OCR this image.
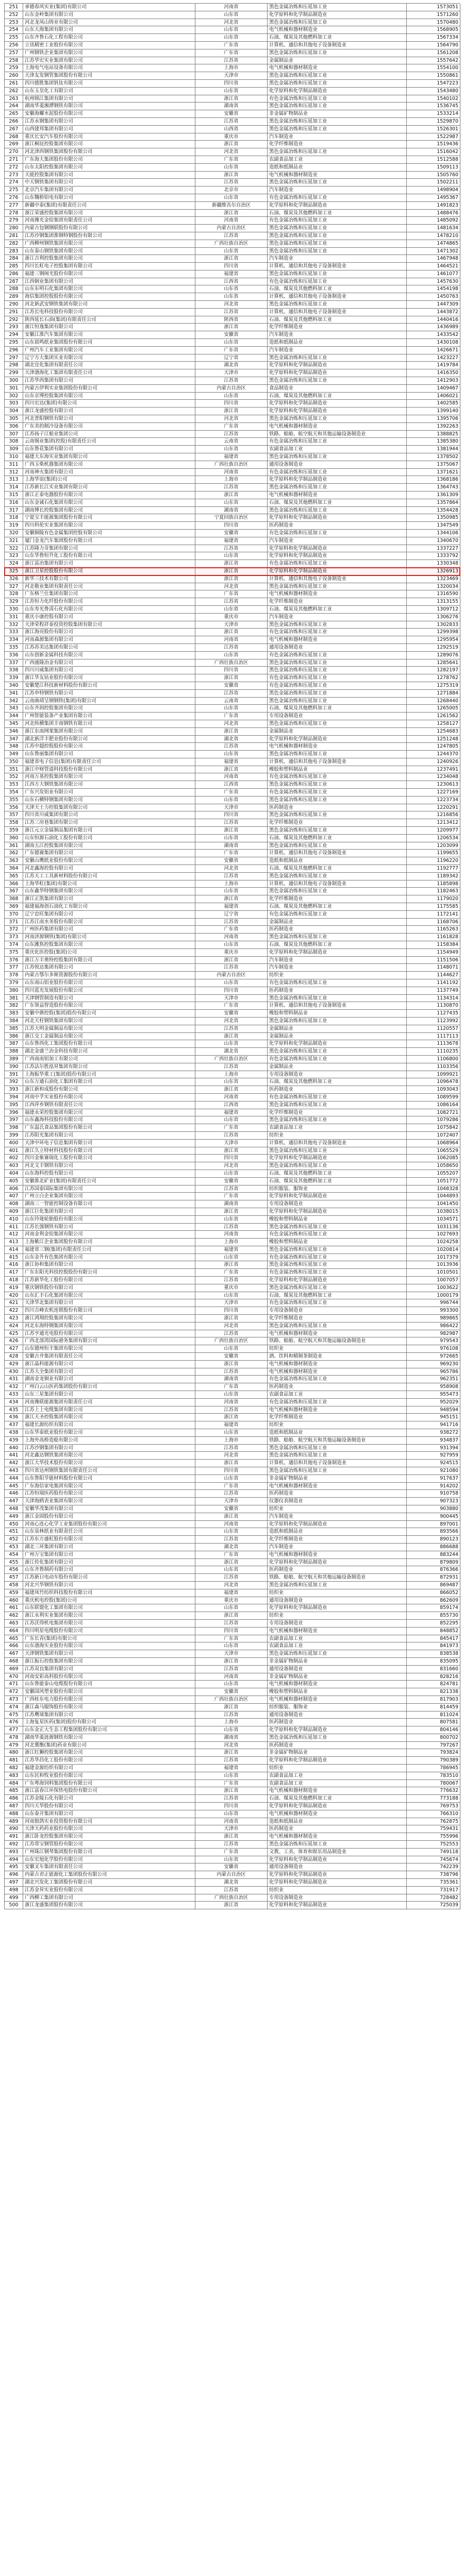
251	承德春风实业(集团)有限公司	河南省	黑色金属冶炼和压延加工业	1573051
252	山东金岭集团有限公司	山东省	化学原料和化学制品制造业	1571260
253	河北龙凤山铸业有限公司	河北省	黑色金属冶炼和压延加工业	1570480
254	山东大海集团有限公司	山东省	电气机械和器材制造业	1568905
255	山东齐鲁石化工程有限公司	山东省	石油、煤炭及其他燃料加工业	1567334
256	立讯精密工业股份有限公司	广东省	计算机、通信和其他电子设备制造业	1564790
257	广州钢铁企业集团有限公司	广东省	黑色金属冶炼和压延加工业	1561208
258	江苏华宏实业集团有限公司	江苏省	金属制品业	1557642
259	上海电气电站设备有限公司	上海市	电气机械和器材制造业	1554100
260	天津友发钢管集团股份有限公司	天津市	黑色金属冶炼和压延加工业	1550861
261	四川德胜集团钒钛有限公司	四川省	黑色金属冶炼和压延加工业	1547223
262	山东玉皇化工有限公司	山东省	化学原料和化学制品制造业	1543480
263	杭州锦江集团有限公司	浙江省	有色金属冶炼和压延加工业	1540102
264	湖南华菱湘潭钢铁有限公司	湖南省	黑色金属冶炼和压延加工业	1536745
265	安徽海螺水泥股份有限公司	安徽省	非金属矿物制品业	1533214
266	江苏永钢集团有限公司	江苏省	黑色金属冶炼和压延加工业	1529870
267	山西建邦集团有限公司	山西省	黑色金属冶炼和压延加工业	1526301
268	重庆长安汽车股份有限公司	重庆市	汽车制造业	1522987
269	浙江桐昆控股集团有限公司	浙江省	化学纤维制造业	1519436
270	河北津西钢铁集团股份有限公司	河北省	黑色金属冶炼和压延加工业	1516042
271	广东海大集团股份有限公司	广东省	农副食品加工业	1512588
272	山东太阳控股集团有限公司	山东省	造纸和纸制品业	1509113
273	天能控股集团有限公司	浙江省	电气机械和器材制造业	1505760
274	中天钢铁集团有限公司	江苏省	黑色金属冶炼和压延加工业	1502211
275	北京汽车集团有限公司	北京市	汽车制造业	1498904
276	山东魏桥铝电有限公司	山东省	有色金属冶炼和压延加工业	1495367
277	新疆中泰(集团)有限责任公司	新疆维吾尔自治区	化学原料和化学制品制造业	1491823
278	浙江荣盛控股集团有限公司	浙江省	石油、煤炭及其他燃料加工业	1488476
279	河南豫光金铅集团有限责任公司	河南省	有色金属冶炼和压延加工业	1485092
280	内蒙古包钢钢联股份有限公司	内蒙古自治区	黑色金属冶炼和压延加工业	1481634
281	江苏沙钢集团淮钢特钢股份有限公司	江苏省	黑色金属冶炼和压延加工业	1478210
282	广西柳州钢铁集团有限公司	广西壮族自治区	黑色金属冶炼和压延加工业	1474865
283	山东泰山钢铁集团有限公司	山东省	黑色金属冶炼和压延加工业	1471302
284	浙江吉利控股集团有限公司	浙江省	汽车制造业	1467948
285	四川长虹电子控股集团有限公司	四川省	计算机、通信和其他电子设备制造业	1464521
286	福建三钢闽光股份有限公司	福建省	黑色金属冶炼和压延加工业	1461077
287	江西铜业集团有限公司	江西省	有色金属冶炼和压延加工业	1457630
288	山东东明石化集团有限公司	山东省	石油、煤炭及其他燃料加工业	1454198
289	海信集团控股股份有限公司	山东省	计算机、通信和其他电子设备制造业	1450763
290	河北新武安钢铁集团有限公司	河北省	黑色金属冶炼和压延加工业	1447309
291	江苏长电科技股份有限公司	江苏省	计算机、通信和其他电子设备制造业	1443872
292	陕西延长石油(集团)有限责任公司	陕西省	石油、煤炭及其他燃料加工业	1440416
293	浙江恒逸集团有限公司	浙江省	化学纤维制造业	1436989
294	安徽江淮汽车集团有限公司	安徽省	汽车制造业	1433542
295	山东晨鸣纸业集团股份有限公司	山东省	造纸和纸制品业	1430108
296	广州汽车工业集团有限公司	广东省	汽车制造业	1426671
297	辽宁方大集团实业有限公司	辽宁省	黑色金属冶炼和压延加工业	1423227
298	湖北宜化集团有限责任公司	湖北省	化学原料和化学制品制造业	1419784
299	天津渤海化工集团有限责任公司	天津市	化学原料和化学制品制造业	1416350
300	江苏华西集团有限公司	江苏省	黑色金属冶炼和压延加工业	1412903
301	内蒙古伊利实业集团股份有限公司	内蒙古自治区	食品制造业	1409467
302	山东京博控股集团有限公司	山东省	石油、煤炭及其他燃料加工业	1406021
303	四川宏达(集团)有限公司	四川省	化学原料和化学制品制造业	1402585
304	浙江龙盛控股有限公司	浙江省	化学原料和化学制品制造业	1399140
305	河北普阳钢铁有限公司	河北省	黑色金属冶炼和压延加工业	1395706
306	广东美的制冷设备有限公司	广东省	电气机械和器材制造业	1392263
307	江苏扬子江船业集团公司	江苏省	铁路、船舶、航空航天和其他运输设备制造业	1388825
308	云南锡业集团(控股)有限责任公司	云南省	有色金属冶炼和压延加工业	1385380
309	山东鲁花集团有限公司	山东省	农副食品加工业	1381944
310	福建大东海实业集团有限公司	福建省	黑色金属冶炼和压延加工业	1378502
311	广西玉柴机器集团有限公司	广西壮族自治区	通用设备制造业	1375067
312	河南神火集团有限公司	河南省	有色金属冶炼和压延加工业	1371621
313	上海华谊(集团)公司	上海市	化学原料和化学制品制造业	1368186
314	江苏新长江实业集团有限公司	江苏省	黑色金属冶炼和压延加工业	1364743
315	浙江正泰电器股份有限公司	浙江省	电气机械和器材制造业	1361309
316	山东金诚石化集团有限公司	山东省	石油、煤炭及其他燃料加工业	1357864
317	湖南博长控股集团有限公司	湖南省	黑色金属冶炼和压延加工业	1354428
318	宁夏宝丰能源集团股份有限公司	宁夏回族自治区	化学原料和化学制品制造业	1350985
319	四川科伦实业集团有限公司	四川省	医药制造业	1347549
320	安徽铜陵有色金属集团控股有限公司	安徽省	有色金属冶炼和压延加工业	1344106
321	厦门金龙汽车集团股份有限公司	福建省	汽车制造业	1340670
322	江苏隆力奇集团有限公司	江苏省	化学原料和化学制品制造业	1337227
323	山东华鲁恒升化工股份有限公司	山东省	化学原料和化学制品制造业	1333792
324	浙江富冶集团有限公司	浙江省	有色金属冶炼和压延加工业	1330348
325	浙江卫星控股股份有限公司	浙江省	化学原料和化学制品制造业	1326913
326	新华三技术有限公司	浙江省	计算机、通信和其他电子设备制造业	1323469
327	河北敬业集团有限责任公司	河北省	黑色金属冶炼和压延加工业	1320034
328	广东格兰仕集团有限公司	广东省	电气机械和器材制造业	1316590
329	江苏恒力化纤股份有限公司	江苏省	化学纤维制造业	1313155
330	山东寿光鲁清石化有限公司	山东省	石油、煤炭及其他燃料加工业	1309712
331	重庆小康控股有限公司	重庆市	汽车制造业	1306276
332	天津荣程祥泰投资控股集团有限公司	天津市	黑色金属冶炼和压延加工业	1302833
333	浙江海亮股份有限公司	浙江省	有色金属冶炼和压延加工业	1299398
334	河南森源集团有限公司	河南省	电气机械和器材制造业	1295954
335	江苏苏美达集团有限公司	江苏省	通用设备制造业	1292519
336	山东创新金属科技有限公司	山东省	有色金属冶炼和压延加工业	1289076
337	广西盛隆冶金有限公司	广西壮族自治区	黑色金属冶炼和压延加工业	1285641
338	四川川威集团有限公司	四川省	黑色金属冶炼和压延加工业	1282197
339	浙江华友钴业股份有限公司	浙江省	有色金属冶炼和压延加工业	1278762
340	安徽楚江科技新材料股份有限公司	安徽省	有色金属冶炼和压延加工业	1275319
341	江苏申特钢铁有限公司	江苏省	黑色金属冶炼和压延加工业	1271884
342	云南曲靖呈钢钢铁(集团)有限公司	云南省	黑色金属冶炼和压延加工业	1268440
343	山东齐润控股集团有限公司	山东省	石油、煤炭及其他燃料加工业	1265005
344	广州智能装备产业集团有限公司	广东省	专用设备制造业	1261562
345	河北纵横集团丰南钢铁有限公司	河北省	黑色金属冶炼和压延加工业	1258127
346	浙江东南网架集团有限公司	浙江省	金属制品业	1254683
347	湖北新洋丰肥业股份有限公司	湖北省	化学原料和化学制品制造业	1251248
348	江苏中超控股股份有限公司	江苏省	电气机械和器材制造业	1247805
349	山东鲁丽集团有限公司	山东省	黑色金属冶炼和压延加工业	1244370
350	福建省电子信息(集团)有限责任公司	福建省	计算机、通信和其他电子设备制造业	1240926
351	浙江中财管道科技股份有限公司	浙江省	橡胶和塑料制品业	1237491
352	河南万基控股集团有限公司	河南省	有色金属冶炼和压延加工业	1234048
353	江西方大钢铁集团有限公司	江西省	黑色金属冶炼和压延加工业	1230613
354	广东兴发铝业有限公司	广东省	有色金属冶炼和压延加工业	1227169
355	山东石横特钢集团有限公司	山东省	黑色金属冶炼和压延加工业	1223734
356	天津天士力控股集团有限公司	天津市	医药制造业	1220291
357	四川省川威集团有限公司	四川省	黑色金属冶炼和压延加工业	1216856
358	江苏三房巷集团有限公司	江苏省	化学纤维制造业	1213412
359	浙江元立金属制品集团有限公司	浙江省	黑色金属冶炼和压延加工业	1209977
360	山东恒源石油化工股份有限公司	山东省	石油、煤炭及其他燃料加工业	1206534
361	湖南五江控股集团有限公司	湖南省	黑色金属冶炼和压延加工业	1203099
362	广东德赛集团有限公司	广东省	计算机、通信和其他电子设备制造业	1199655
363	安徽山鹰纸业股份有限公司	安徽省	造纸和纸制品业	1196220
364	河北鑫海控股有限公司	河北省	石油、煤炭及其他燃料加工业	1192777
365	江苏天工工具新材料股份有限公司	江苏省	黑色金属冶炼和压延加工业	1189342
366	上海华虹(集团)有限公司	上海市	计算机、通信和其他电子设备制造业	1185898
367	山东鑫华特钢集团有限公司	山东省	黑色金属冶炼和压延加工业	1182463
368	浙江正凯集团有限公司	浙江省	化学纤维制造业	1179020
369	福建福海创石油化工有限公司	福建省	石油、煤炭及其他燃料加工业	1175585
370	辽宁忠旺集团有限公司	辽宁省	有色金属冶炼和压延加工业	1172141
371	江苏江南水务股份有限公司	江苏省	金属制品业	1168706
372	广州医药集团有限公司	广东省	医药制造业	1165263
373	河南济源钢铁(集团)有限公司	河南省	黑色金属冶炼和压延加工业	1161828
374	山东潍焦控股集团有限公司	山东省	石油、煤炭及其他燃料加工业	1158384
375	重庆化医控股(集团)公司	重庆市	化学原料和化学制品制造业	1154949
376	浙江万丰奥特控股集团有限公司	浙江省	汽车制造业	1151506
377	江苏悦达集团有限公司	江苏省	汽车制造业	1148071
378	内蒙古鄂尔多斯资源股份有限公司	内蒙古自治区	纺织业	1144627
379	山东南山铝业股份有限公司	山东省	有色金属冶炼和压延加工业	1141192
380	四川蓝光发展股份有限公司	四川省	医药制造业	1137749
381	天津钢管制造有限公司	天津市	黑色金属冶炼和压延加工业	1134314
382	广东领益智造股份有限公司	广东省	计算机、通信和其他电子设备制造业	1130870
383	安徽中鼎控股(集团)股份有限公司	安徽省	橡胶和塑料制品业	1127435
384	河北天柱钢铁集团有限公司	河北省	黑色金属冶炼和压延加工业	1123992
385	江苏大明金属制品有限公司	江苏省	金属制品业	1120557
386	浙江交工金属制品有限公司	浙江省	金属制品业	1117113
387	山东鲁西化工集团股份有限公司	山东省	化学原料和化学制品制造业	1113678
388	湖北金盛兰冶金科技有限公司	湖北省	黑色金属冶炼和压延加工业	1110235
389	广西南南铝加工有限公司	广西壮族自治区	有色金属冶炼和压延加工业	1106800
390	江苏法尔胜泓昇集团有限公司	江苏省	金属制品业	1103356
391	上海振华重工(集团)股份有限公司	上海市	专用设备制造业	1099921
392	山东万通石油化工集团有限公司	山东省	石油、煤炭及其他燃料加工业	1096478
393	浙江新和成股份有限公司	浙江省	医药制造业	1093043
394	河南中孚实业股份有限公司	河南省	有色金属冶炼和压延加工业	1089599
395	江西萍乡钢铁有限责任公司	江西省	黑色金属冶炼和压延加工业	1086164
396	福建永荣控股集团有限公司	福建省	化学纤维制造业	1082721
397	山东鑫海科技股份有限公司	山东省	黑色金属冶炼和压延加工业	1079286
398	广东温氏食品集团股份有限公司	广东省	农副食品加工业	1075842
399	江苏阳光集团有限公司	江苏省	纺织业	1072407
400	天津中环电子信息集团有限公司	天津市	计算机、通信和其他电子设备制造业	1068964
401	浙江久立特材科技股份有限公司	浙江省	黑色金属冶炼和压延加工业	1065529
402	四川金象赛瑞化工股份有限公司	四川省	化学原料和化学制品制造业	1062085
403	河北文丰钢铁有限公司	河北省	黑色金属冶炼和压延加工业	1058650
404	山东海科控股有限公司	山东省	石油、煤炭及其他燃料加工业	1055207
405	安徽淮北矿业(集团)有限责任公司	安徽省	石油、煤炭及其他燃料加工业	1051772
406	江苏国泰国际集团有限公司	江苏省	纺织服装、服饰业	1048328
407	广州立白企业集团有限公司	广东省	化学原料和化学制品制造业	1044893
408	湖南三一智能控制设备有限公司	湖南省	专用设备制造业	1041450
409	浙江巨化集团有限公司	浙江省	化学原料和化学制品制造业	1038015
410	山东玲珑轮胎股份有限公司	山东省	橡胶和塑料制品业	1034571
411	江苏长强钢铁有限公司	江苏省	黑色金属冶炼和压延加工业	1031136
412	河南金利金铅集团有限公司	河南省	有色金属冶炼和压延加工业	1027693
413	上海紫江企业集团股份有限公司	上海市	橡胶和塑料制品业	1024258
414	福建省三钢(集团)有限责任公司	福建省	黑色金属冶炼和压延加工业	1020814
415	山东金升有色集团有限公司	山东省	有色金属冶炼和压延加工业	1017379
416	浙江协和集团有限公司	浙江省	黑色金属冶炼和压延加工业	1013936
417	广东东阳光科技控股股份有限公司	广东省	有色金属冶炼和压延加工业	1010501
418	江苏新华化工股份有限公司	江苏省	化学原料和化学制品制造业	1007057
419	重庆钢铁股份有限公司	重庆市	黑色金属冶炼和压延加工业	1003622
420	山东汇丰石化集团有限公司	山东省	石油、煤炭及其他燃料加工业	1000179
421	天津华北集团有限公司	天津市	有色金属冶炼和压延加工业	996744
422	四川吉峰农机连锁股份有限公司	四川省	专用设备制造业	993300
423	浙江鸿翔控股集团有限公司	浙江省	化学纤维制造业	989865
424	河北东海特钢集团有限公司	河北省	黑色金属冶炼和压延加工业	986422
425	江苏亨通光电股份有限公司	江苏省	电气机械和器材制造业	982987
426	广西北部湾国际港务集团有限公司	广西壮族自治区	铁路、船舶、航空航天和其他运输设备制造业	979543
427	山东德州恒丰集团有限公司	山东省	纺织业	976108
428	安徽古井集团有限责任公司	安徽省	酒、饮料和精制茶制造业	972665
429	浙江晶科能源有限公司	浙江省	电气机械和器材制造业	969230
430	江苏大全集团有限公司	江苏省	电气机械和器材制造业	965786
431	湖南金龙铜业有限公司	湖南省	有色金属冶炼和压延加工业	962351
432	广州白云山医药集团股份有限公司	广东省	医药制造业	958908
433	山东三星集团有限公司	山东省	农副食品加工业	955473
434	河南豫联能源集团有限责任公司	河南省	有色金属冶炼和压延加工业	952029
435	江苏上上电缆集团有限公司	江苏省	电气机械和器材制造业	948594
436	浙江天圣控股集团有限公司	浙江省	化学纤维制造业	945151
437	福建长源纺织有限公司	福建省	纺织业	941716
438	山东华泰纸业股份有限公司	山东省	造纸和纸制品业	938272
439	上海外高桥造船有限公司	上海市	铁路、船舶、航空航天和其他运输设备制造业	934837
440	江苏沙钢集团有限公司	江苏省	黑色金属冶炼和压延加工业	931394
441	河北鑫达钢铁集团有限公司	河北省	黑色金属冶炼和压延加工业	927959
442	浙江大华技术股份有限公司	浙江省	计算机、通信和其他电子设备制造业	924515
443	四川省达州钢铁集团有限责任公司	四川省	黑色金属冶炼和压延加工业	921080
444	山东鲁阳节能材料股份有限公司	山东省	非金属矿物制品业	917637
445	广东海信家电集团有限公司	广东省	电气机械和器材制造业	914202
446	江苏恒瑞医药股份有限公司	江苏省	医药制造业	910758
447	天津海鸥表业集团有限公司	天津市	仪器仪表制造业	907323
448	安徽华茂集团有限公司	安徽省	纺织业	903880
449	浙江金固股份有限公司	浙江省	汽车制造业	900445
450	河南心连心化学工业集团股份有限公司	河南省	化学原料和化学制品制造业	897001
451	山东泉林纸业有限责任公司	山东省	造纸和纸制品业	893566
452	江苏东方盛虹股份有限公司	江苏省	化学纤维制造业	890123
453	湖北三环集团有限公司	湖北省	汽车制造业	886688
454	广州万宝集团有限公司	广东省	电气机械和器材制造业	883244
455	浙江传化集团有限公司	浙江省	化学原料和化学制品制造业	879809
456	山东齐鲁制药有限公司	山东省	医药制造业	876366
457	江苏新日电动车股份有限公司	江苏省	铁路、船舶、航空航天和其他运输设备制造业	872931
458	河北兴华钢铁有限公司	河北省	黑色金属冶炼和压延加工业	869487
459	福建凤竹纺织科技股份有限公司	福建省	纺织业	866052
460	重庆机电控股(集团)公司	重庆市	通用设备制造业	862609
461	山东联盟化工集团有限公司	山东省	化学原料和化学制品制造业	859174
462	浙江永利实业集团有限公司	浙江省	纺织业	855730
463	江苏沃得机电集团有限公司	江苏省	专用设备制造业	852295
464	四川明星电缆股份有限公司	四川省	电气机械和器材制造业	848852
465	广东长青(集团)有限公司	广东省	农副食品加工业	845417
466	山东渤海实业股份有限公司	山东省	农副食品加工业	841973
467	天津钢铁集团有限公司	天津市	黑色金属冶炼和压延加工业	838538
468	浙江振石控股集团有限公司	浙江省	非金属矿物制品业	835095
469	江苏双良集团有限公司	江苏省	通用设备制造业	831660
470	河南安彩高科股份有限公司	河南省	非金属矿物制品业	828216
471	山东鲁能泰山电缆股份有限公司	山东省	电气机械和器材制造业	824781
472	安徽国风塑业股份有限公司	安徽省	橡胶和塑料制品业	821338
473	广西桂东电力股份有限公司	广西壮族自治区	电气机械和器材制造业	817903
474	浙江森马服饰股份有限公司	浙江省	纺织服装、服饰业	814459
475	江苏鹰球集团有限公司	江苏省	通用设备制造业	811024
476	上海复星医药(集团)股份有限公司	上海市	医药制造业	807581
477	山东金正大生态工程集团股份有限公司	山东省	化学原料和化学制品制造业	804146
478	湖南华菱涟源钢铁有限公司	湖南省	黑色金属冶炼和压延加工业	800702
479	河北冀衡(集团)药业有限公司	河北省	医药制造业	797267
480	浙江红狮控股集团有限公司	浙江省	非金属矿物制品业	793824
481	江苏华昌化工股份有限公司	江苏省	化学原料和化学制品制造业	790389
482	福建金源纺织有限公司	福建省	纺织业	786945
483	山东民和牧业股份有限公司	山东省	农副食品加工业	783510
484	广东粤海饲料集团股份有限公司	广东省	农副食品加工业	780067
485	浙江富春江环保热电股份有限公司	浙江省	电气机械和器材制造业	776632
486	江苏金陵石化有限公司	江苏省	石油、煤炭及其他燃料加工业	773188
487	四川天华股份有限公司	四川省	化学原料和化学制品制造业	769753
488	山东泰开集团有限公司	山东省	电气机械和器材制造业	766310
489	河南银鸽实业投资股份有限公司	河南省	造纸和纸制品业	762875
490	天津天药药业股份有限公司	天津市	医药制造业	759431
491	浙江卧龙控股集团有限公司	浙江省	电气机械和器材制造业	755996
492	江苏常宝钢管股份有限公司	江苏省	黑色金属冶炼和压延加工业	752553
493	广州珠江钢琴集团股份有限公司	广东省	文教、工美、体育和娱乐用品制造业	749118
494	山东宏旭化学股份有限公司	山东省	化学原料和化学制品制造业	745674
495	安徽叉车集团有限责任公司	安徽省	通用设备制造业	742239
496	内蒙古君正能源化工集团股份有限公司	内蒙古自治区	化学原料和化学制品制造业	738796
497	湖北兴发化工集团股份有限公司	湖北省	化学原料和化学制品制造业	735361
498	江苏金昇实业股份有限公司	江苏省	纺织业	731917
499	广西柳工集团有限公司	广西壮族自治区	专用设备制造业	728482
500	浙江龙盛集团股份有限公司	浙江省	化学原料和化学制品制造业	725039
